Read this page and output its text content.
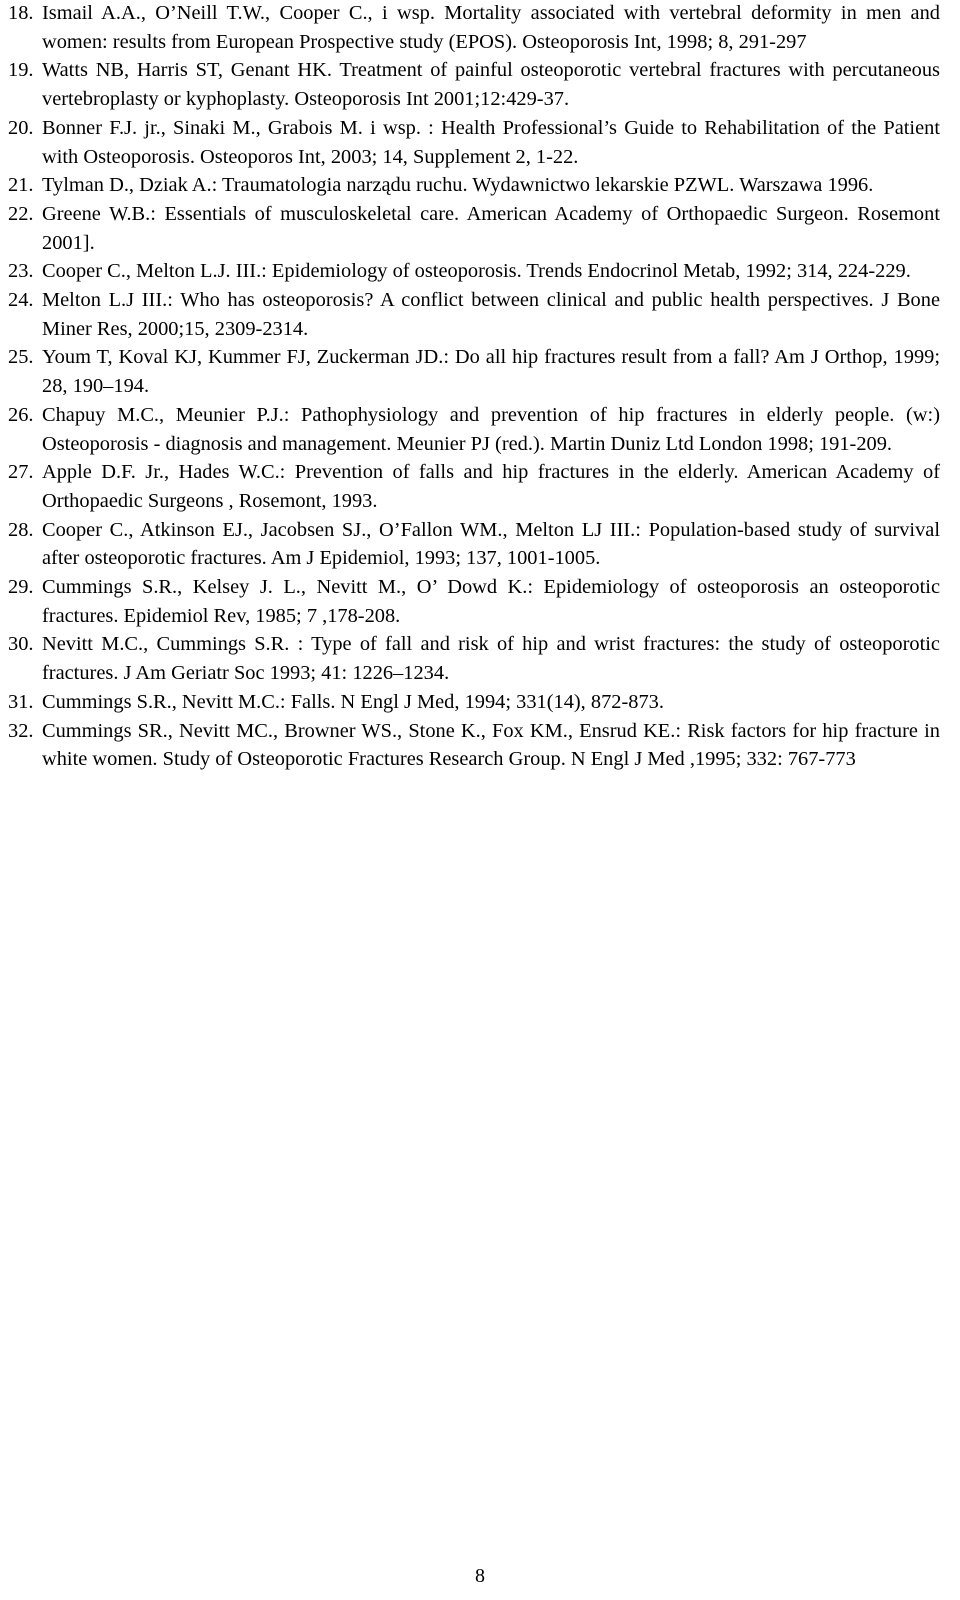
18. Ismail A.A., O’Neill T.W., Cooper C., i wsp. Mortality associated with vertebral deformity in men and women: results from European Prospective study (EPOS). Osteoporosis Int, 1998; 8, 291-297
19. Watts NB, Harris ST, Genant HK. Treatment of painful osteoporotic vertebral fractures with percutaneous vertebroplasty or kyphoplasty. Osteoporosis Int 2001;12:429-37.
20. Bonner F.J. jr., Sinaki M., Grabois M. i wsp. : Health Professional’s Guide to Rehabilitation of the Patient with Osteoporosis. Osteoporos Int, 2003; 14, Supplement 2, 1-22.
21. Tylman D., Dziak A.: Traumatologia narządu ruchu. Wydawnictwo lekarskie PZWL. Warszawa 1996.
22. Greene W.B.: Essentials of musculoskeletal care. American Academy of Orthopaedic Surgeon. Rosemont 2001].
23. Cooper C., Melton L.J. III.: Epidemiology of osteoporosis. Trends Endocrinol Metab, 1992; 314, 224-229.
24. Melton L.J III.: Who has osteoporosis? A conflict between clinical and public health perspectives. J Bone Miner Res, 2000;15, 2309-2314.
25. Youm T, Koval KJ, Kummer FJ, Zuckerman JD.: Do all hip fractures result from a fall? Am J Orthop, 1999; 28, 190–194.
26. Chapuy M.C., Meunier P.J.: Pathophysiology and prevention of hip fractures in elderly people. (w:) Osteoporosis - diagnosis and management. Meunier PJ (red.). Martin Duniz Ltd London 1998; 191-209.
27. Apple D.F. Jr., Hades W.C.: Prevention of falls and hip fractures in the elderly. American Academy of Orthopaedic Surgeons , Rosemont, 1993.
28. Cooper C., Atkinson EJ., Jacobsen SJ., O’Fallon WM., Melton LJ III.: Population-based study of survival after osteoporotic fractures. Am J Epidemiol, 1993; 137, 1001-1005.
29. Cummings S.R., Kelsey J. L., Nevitt M., O’ Dowd K.: Epidemiology of osteoporosis an osteoporotic fractures. Epidemiol Rev, 1985; 7 ,178-208.
30. Nevitt M.C., Cummings S.R. : Type of fall and risk of hip and wrist fractures: the study of osteoporotic fractures. J Am Geriatr Soc 1993; 41: 1226–1234.
31. Cummings S.R., Nevitt M.C.: Falls. N Engl J Med, 1994; 331(14), 872-873.
32. Cummings SR., Nevitt MC., Browner WS., Stone K., Fox KM., Ensrud KE.: Risk factors for hip fracture in white women. Study of Osteoporotic Fractures Research Group. N Engl J Med ,1995; 332: 767-773
8
